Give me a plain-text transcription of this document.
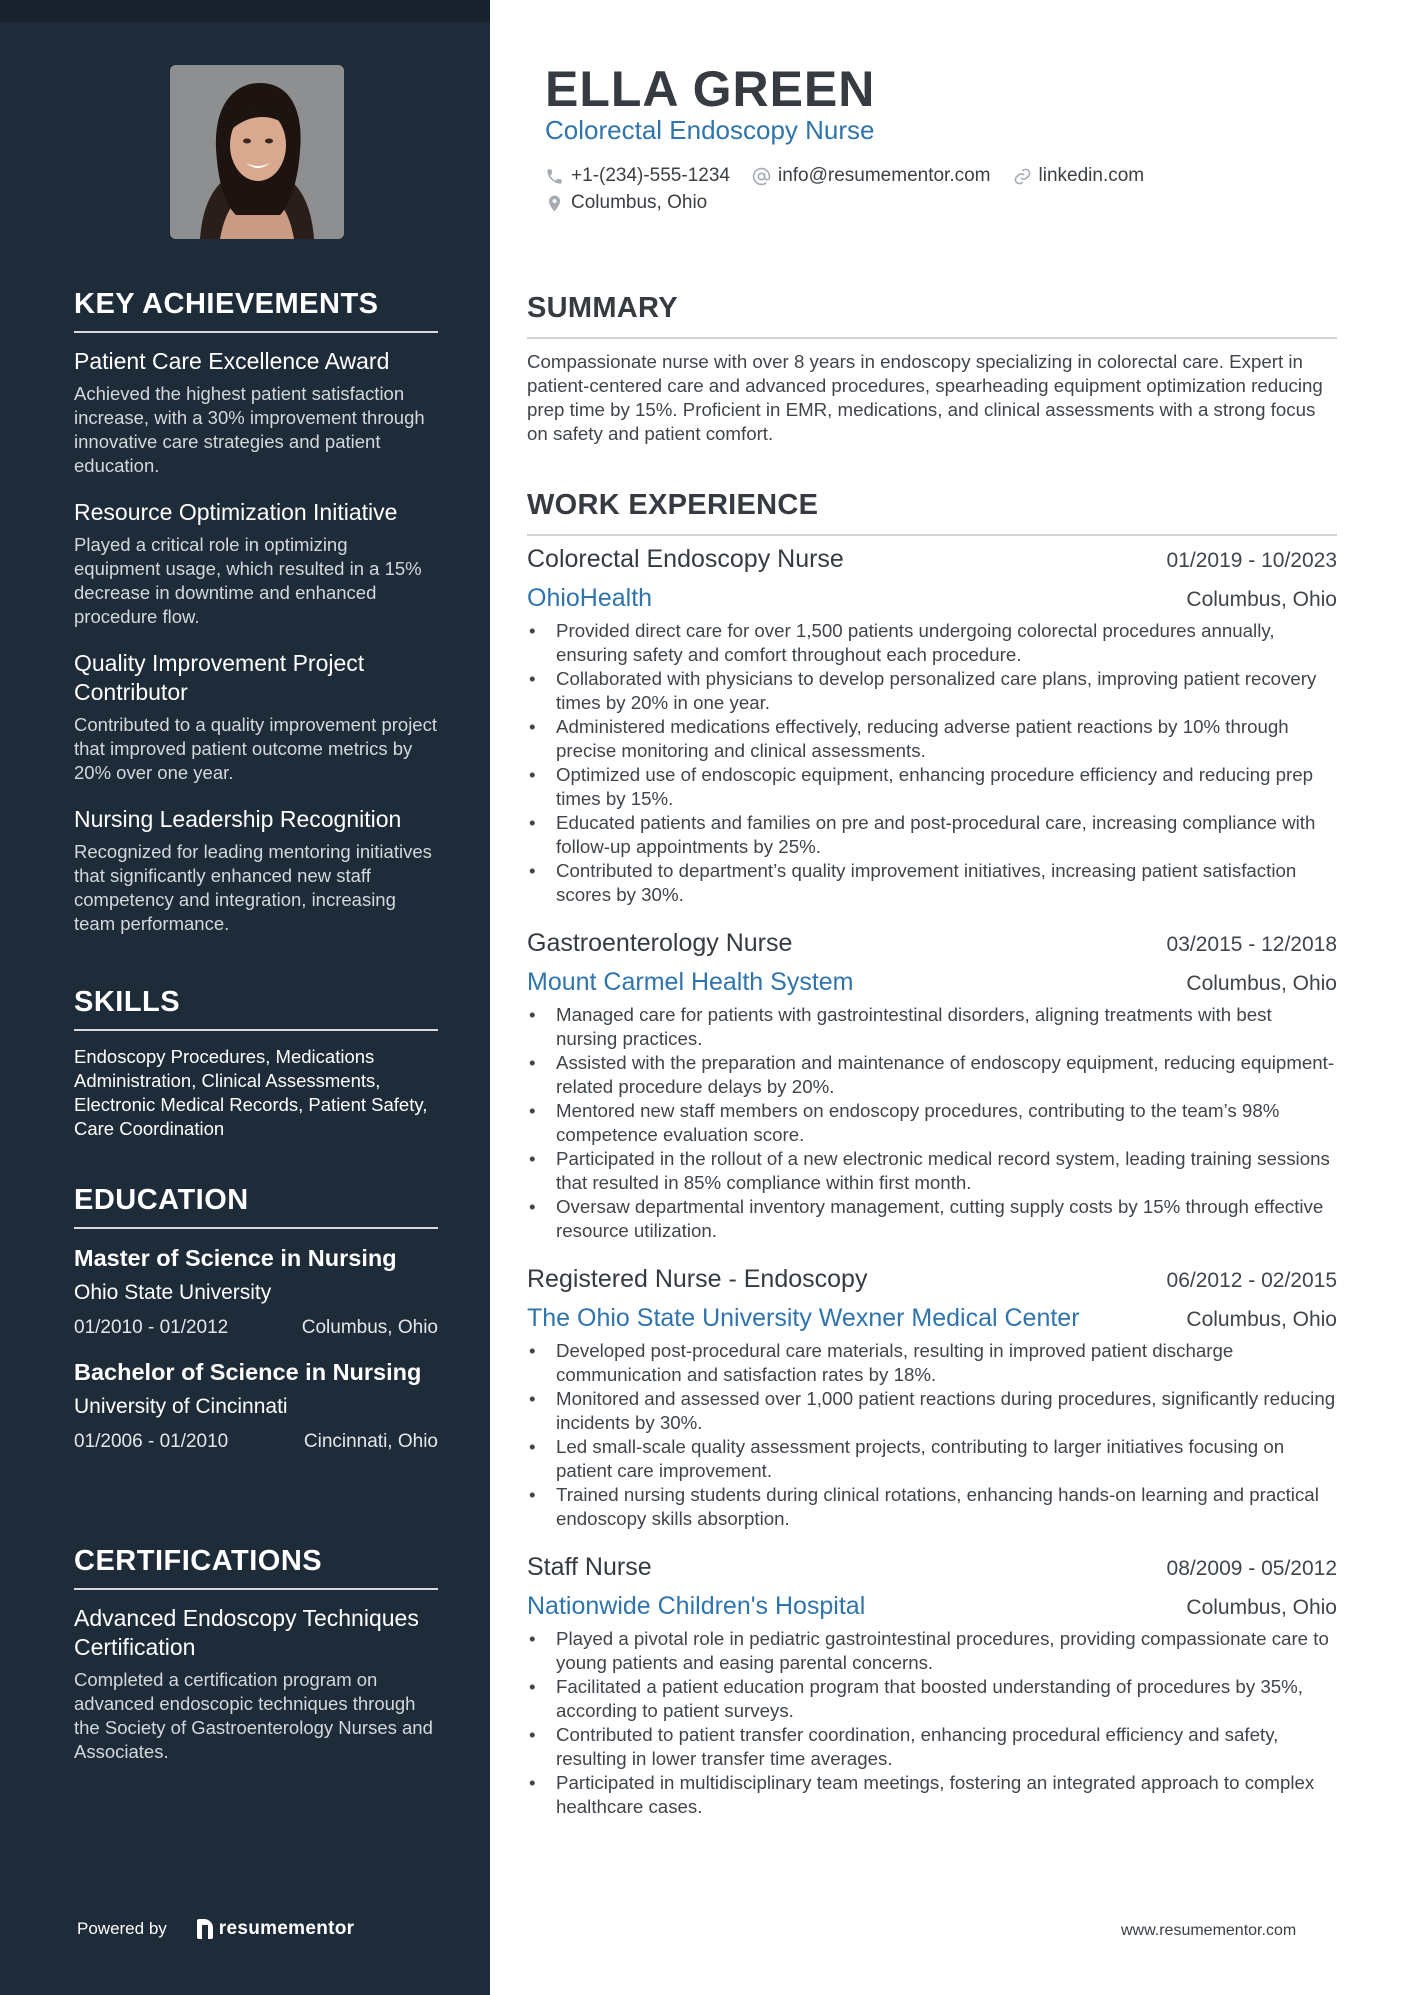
KEY ACHIEVEMENTS

Patient Care Excellence Award

Achieved the highest patient satisfaction increase, with a 30% improvement through innovative care strategies and patient education.

Resource Optimization Initiative

Played a critical role in optimizing equipment usage, which resulted in a 15% decrease in downtime and enhanced procedure flow.

Quality Improvement Project Contributor

Contributed to a quality improvement project that improved patient outcome metrics by 20% over one year.

Nursing Leadership Recognition

Recognized for leading mentoring initiatives that significantly enhanced new staff competency and integration, increasing team performance.

SKILLS

Endoscopy Procedures, Medications Administration, Clinical Assessments, Electronic Medical Records, Patient Safety, Care Coordination

EDUCATION

Master of Science in Nursing

Ohio State University

01/2010 - 01/2012	Columbus, Ohio

Bachelor of Science in Nursing

University of Cincinnati

01/2006 - 01/2010	Cincinnati, Ohio
CERTIFICATIONS

Advanced Endoscopy Techniques Certification

Completed a certification program on advanced endoscopic techniques through the Society of Gastroenterology Nurses and Associates.

Powered by	resumementor
ELLA GREEN

Colorectal Endoscopy Nurse

+1-(234)-555-1234	info@resumementor.com	linkedin.com
Columbus, Ohio
SUMMARY

Compassionate nurse with over 8 years in endoscopy specializing in colorectal care. Expert in patient-centered care and advanced procedures, spearheading equipment optimization reducing prep time by 15%. Proficient in EMR, medications, and clinical assessments with a strong focus on safety and patient comfort.

WORK EXPERIENCE
Colorectal Endoscopy Nurse	01/2019 - 10/2023
OhioHealth	Columbus, Ohio
• Provided direct care for over 1,500 patients undergoing colorectal procedures annually, ensuring safety and comfort throughout each procedure.
• Collaborated with physicians to develop personalized care plans, improving patient recovery times by 20% in one year.
• Administered medications effectively, reducing adverse patient reactions by 10% through precise monitoring and clinical assessments.
• Optimized use of endoscopic equipment, enhancing procedure efficiency and reducing prep times by 15%.
• Educated patients and families on pre and post-procedural care, increasing compliance with follow-up appointments by 25%.
• Contributed to department’s quality improvement initiatives, increasing patient satisfaction scores by 30%.
Gastroenterology Nurse	03/2015 - 12/2018
Mount Carmel Health System	Columbus, Ohio
• Managed care for patients with gastrointestinal disorders, aligning treatments with best nursing practices.
• Assisted with the preparation and maintenance of endoscopy equipment, reducing equipment-related procedure delays by 20%.
• Mentored new staff members on endoscopy procedures, contributing to the team’s 98% competence evaluation score.
• Participated in the rollout of a new electronic medical record system, leading training sessions that resulted in 85% compliance within first month.
• Oversaw departmental inventory management, cutting supply costs by 15% through effective resource utilization.
Registered Nurse - Endoscopy	06/2012 - 02/2015
The Ohio State University Wexner Medical Center	Columbus, Ohio
• Developed post-procedural care materials, resulting in improved patient discharge communication and satisfaction rates by 18%.
• Monitored and assessed over 1,000 patient reactions during procedures, significantly reducing incidents by 30%.
• Led small-scale quality assessment projects, contributing to larger initiatives focusing on patient care improvement.
• Trained nursing students during clinical rotations, enhancing hands-on learning and practical endoscopy skills absorption.
Staff Nurse	08/2009 - 05/2012
Nationwide Children's Hospital	Columbus, Ohio
• Played a pivotal role in pediatric gastrointestinal procedures, providing compassionate care to young patients and easing parental concerns.
• Facilitated a patient education program that boosted understanding of procedures by 35%, according to patient surveys.
• Contributed to patient transfer coordination, enhancing procedural efficiency and safety, resulting in lower transfer time averages.
• Participated in multidisciplinary team meetings, fostering an integrated approach to complex healthcare cases.
www.resumementor.com
